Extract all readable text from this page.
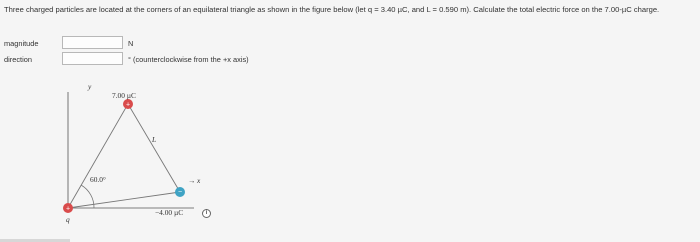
Three charged particles are located at the corners of an equilateral triangle as shown in the figure below (let q = 3.40 µC, and L = 0.590 m). Calculate the total electric force on the 7.00-µC charge.
magnitude	N
direction	° (counterclockwise from the +x axis)
+
+
−
y
7.00 µC
L
60.0°	→ x
q
−4.00 µC	i
